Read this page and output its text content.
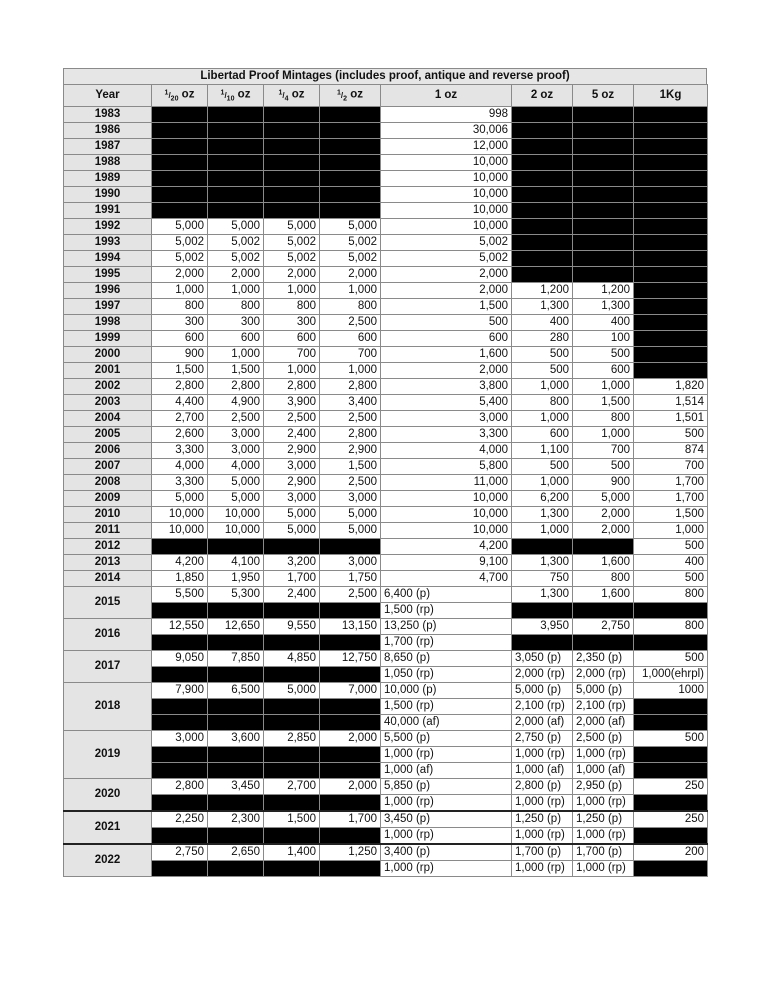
Libertad Proof Mintages (includes proof, antique and reverse proof)
Year	$^1/_{20}$ oz	$^1/_{10}$ oz	$^1/_4$ oz	$^1/_2$ oz	1 oz	2 oz	5 oz	1Kg
1983					998			
1986					30,006			
1987					12,000			
1988					10,000			
1989					10,000			
1990					10,000			
1991					10,000			
1992	5,000	5,000	5,000	5,000	10,000			
1993	5,002	5,002	5,002	5,002	5,002			
1994	5,002	5,002	5,002	5,002	5,002			
1995	2,000	2,000	2,000	2,000	2,000			
1996	1,000	1,000	1,000	1,000	2,000	1,200	1,200	
1997	800	800	800	800	1,500	1,300	1,300	
1998	300	300	300	2,500	500	400	400	
1999	600	600	600	600	600	280	100	
2000	900	1,000	700	700	1,600	500	500	
2001	1,500	1,500	1,000	1,000	2,000	500	600	
2002	2,800	2,800	2,800	2,800	3,800	1,000	1,000	1,820
2003	4,400	4,900	3,900	3,400	5,400	800	1,500	1,514
2004	2,700	2,500	2,500	2,500	3,000	1,000	800	1,501
2005	2,600	3,000	2,400	2,800	3,300	600	1,000	500
2006	3,300	3,000	2,900	2,900	4,000	1,100	700	874
2007	4,000	4,000	3,000	1,500	5,800	500	500	700
2008	3,300	5,000	2,900	2,500	11,000	1,000	900	1,700
2009	5,000	5,000	3,000	3,000	10,000	6,200	5,000	1,700
2010	10,000	10,000	5,000	5,000	10,000	1,300	2,000	1,500
2011	10,000	10,000	5,000	5,000	10,000	1,000	2,000	1,000
2012					4,200			500
2013	4,200	4,100	3,200	3,000	9,100	1,300	1,600	400
2014	1,850	1,950	1,700	1,750	4,700	750	800	500
2015	5,500	5,300	2,400	2,500	6,400 (p)	1,300	1,600	800
					1,500 (rp)			
2016	12,550	12,650	9,550	13,150	13,250 (p)	3,950	2,750	800
					1,700 (rp)			
2017	9,050	7,850	4,850	12,750	8,650 (p)	3,050 (p)	2,350 (p)	500
					1,050 (rp)	2,000 (rp)	2,000 (rp)	1,000(ehrpl)
2018	7,900	6,500	5,000	7,000	10,000 (p)	5,000 (p)	5,000 (p)	1000
					1,500 (rp)	2,100 (rp)	2,100 (rp)	
					40,000 (af)	2,000 (af)	2,000 (af)	
2019	3,000	3,600	2,850	2,000	5,500 (p)	2,750 (p)	2,500 (p)	500
					1,000 (rp)	1,000 (rp)	1,000 (rp)	
					1,000 (af)	1,000 (af)	1,000 (af)	
2020	2,800	3,450	2,700	2,000	5,850 (p)	2,800 (p)	2,950 (p)	250
					1,000 (rp)	1,000 (rp)	1,000 (rp)	
2021	2,250	2,300	1,500	1,700	3,450 (p)	1,250 (p)	1,250 (p)	250
					1,000 (rp)	1,000 (rp)	1,000 (rp)	
2022	2,750	2,650	1,400	1,250	3,400 (p)	1,700 (p)	1,700 (p)	200
					1,000 (rp)	1,000 (rp)	1,000 (rp)	
